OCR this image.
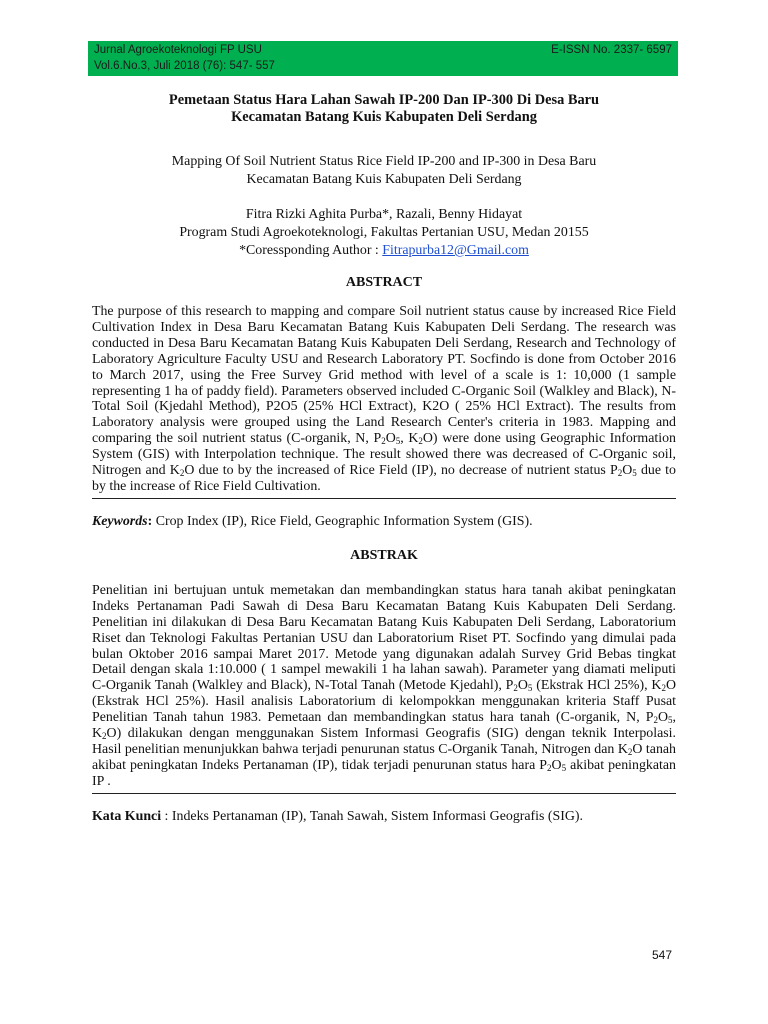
Jurnal Agroekoteknologi FP USU	E-ISSN No. 2337- 6597
Vol.6.No.3, Juli 2018 (76): 547- 557
Pemetaan Status Hara Lahan Sawah IP-200 Dan IP-300 Di Desa Baru
Kecamatan Batang Kuis Kabupaten Deli Serdang
Mapping Of Soil Nutrient Status Rice Field IP-200 and IP-300 in Desa Baru
Kecamatan Batang Kuis Kabupaten Deli Serdang
Fitra Rizki Aghita Purba*, Razali, Benny Hidayat
Program Studi Agroekoteknologi, Fakultas Pertanian USU, Medan 20155
*Coressponding Author : Fitrapurba12@Gmail.com
ABSTRACT
The purpose of this research to mapping and compare Soil nutrient status cause by increased Rice Field Cultivation Index in Desa Baru Kecamatan Batang Kuis Kabupaten Deli Serdang. The research was conducted in Desa Baru Kecamatan Batang Kuis Kabupaten Deli Serdang, Research and Technology of Laboratory Agriculture Faculty USU and Research Laboratory PT. Socfindo is done from October 2016 to March 2017, using the Free Survey Grid method with level of a scale is 1: 10,000 (1 sample representing 1 ha of paddy field). Parameters observed included C-Organic Soil (Walkley and Black), N-Total Soil (Kjedahl Method), P2O5 (25% HCl Extract), K2O ( 25% HCl Extract). The results from Laboratory analysis were grouped using the Land Research Center's criteria in 1983. Mapping and comparing the soil nutrient status (C-organik, N, $P_2O_5$, $K_2O$) were done using Geographic Information System (GIS) with Interpolation technique. The result showed there was decreased of C-Organic soil, Nitrogen and $K_2O$ due to by the increased of Rice Field (IP), no decrease of nutrient status $P_2O_5$ due to by the increase of Rice Field Cultivation.
Keywords: Crop Index (IP), Rice Field, Geographic Information System (GIS).
ABSTRAK
Penelitian ini bertujuan untuk memetakan dan membandingkan status hara tanah akibat peningkatan Indeks Pertanaman Padi Sawah di Desa Baru Kecamatan Batang Kuis Kabupaten Deli Serdang. Penelitian ini dilakukan di Desa Baru Kecamatan Batang Kuis Kabupaten Deli Serdang, Laboratorium Riset dan Teknologi Fakultas Pertanian USU dan Laboratorium Riset PT. Socfindo yang dimulai pada bulan Oktober 2016 sampai Maret 2017. Metode yang digunakan adalah Survey Grid Bebas tingkat Detail dengan skala 1:10.000 ( 1 sampel mewakili 1 ha lahan sawah). Parameter yang diamati meliputi C-Organik Tanah (Walkley and Black), N-Total Tanah (Metode Kjedahl), $P_2O_5$ (Ekstrak HCl 25%), $K_2O$ (Ekstrak HCl 25%). Hasil analisis Laboratorium di kelompokkan menggunakan kriteria Staff Pusat Penelitian Tanah tahun 1983. Pemetaan dan membandingkan status hara tanah (C-organik, N, $P_2O_5$, $K_2O$) dilakukan dengan menggunakan Sistem Informasi Geografis (SIG) dengan teknik Interpolasi. Hasil penelitian menunjukkan bahwa terjadi penurunan status C-Organik Tanah, Nitrogen dan $K_2O$ tanah akibat peningkatan Indeks Pertanaman (IP), tidak terjadi penurunan status hara $P_2O_5$ akibat peningkatan IP .
Kata Kunci : Indeks Pertanaman (IP), Tanah Sawah, Sistem Informasi Geografis (SIG).
547
